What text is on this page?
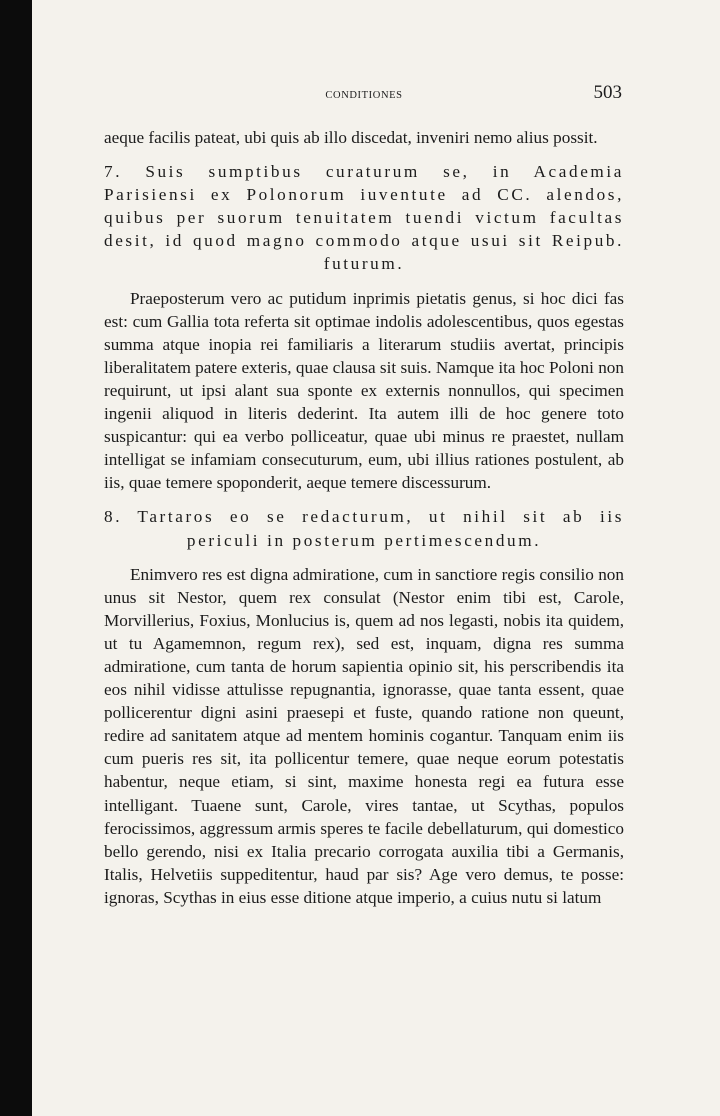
CONDITIONES	503

aeque facilis pateat, ubi quis ab illo discedat, inveniri nemo alius possit.

7. Suis sumptibus curaturum se, in Academia Parisiensi ex Polonorum iuventute ad CC. alendos, quibus per suorum tenuitatem tuendi victum facultas desit, id quod magno commodo atque usui sit Reipub. futurum.

Praeposterum vero ac putidum inprimis pietatis genus, si hoc dici fas est: cum Gallia tota referta sit optimae indolis adolescentibus, quos egestas summa atque inopia rei familiaris a literarum studiis avertat, principis liberalitatem patere exteris, quae clausa sit suis. Namque ita hoc Poloni non requirunt, ut ipsi alant sua sponte ex externis nonnullos, qui specimen ingenii aliquod in literis dederint. Ita autem illi de hoc genere toto suspicantur: qui ea verbo polliceatur, quae ubi minus re praestet, nullam intelligat se infamiam consecuturum, eum, ubi illius rationes postulent, ab iis, quae temere spoponderit, aeque temere discessurum.

8. Tartaros eo se redacturum, ut nihil sit ab iis periculi in posterum pertimescendum.

Enimvero res est digna admiratione, cum in sanctiore regis consilio non unus sit Nestor, quem rex consulat (Nestor enim tibi est, Carole, Morvillerius, Foxius, Monlucius is, quem ad nos legasti, nobis ita quidem, ut tu Agamemnon, regum rex), sed est, inquam, digna res summa admiratione, cum tanta de horum sapientia opinio sit, his perscribendis ita eos nihil vidisse attulisse repugnantia, ignorasse, quae tanta essent, quae pollicerentur digni asini praesepi et fuste, quando ratione non queunt, redire ad sanitatem atque ad mentem hominis cogantur. Tanquam enim iis cum pueris res sit, ita pollicentur temere, quae neque eorum potestatis habentur, neque etiam, si sint, maxime honesta regi ea futura esse intelligant. Tuaene sunt, Carole, vires tantae, ut Scythas, populos ferocissimos, aggressum armis speres te facile debellaturum, qui domestico bello gerendo, nisi ex Italia precario corrogata auxilia tibi a Germanis, Italis, Helvetiis suppeditentur, haud par sis? Age vero demus, te posse: ignoras, Scythas in eius esse ditione atque imperio, a cuius nutu si latum
